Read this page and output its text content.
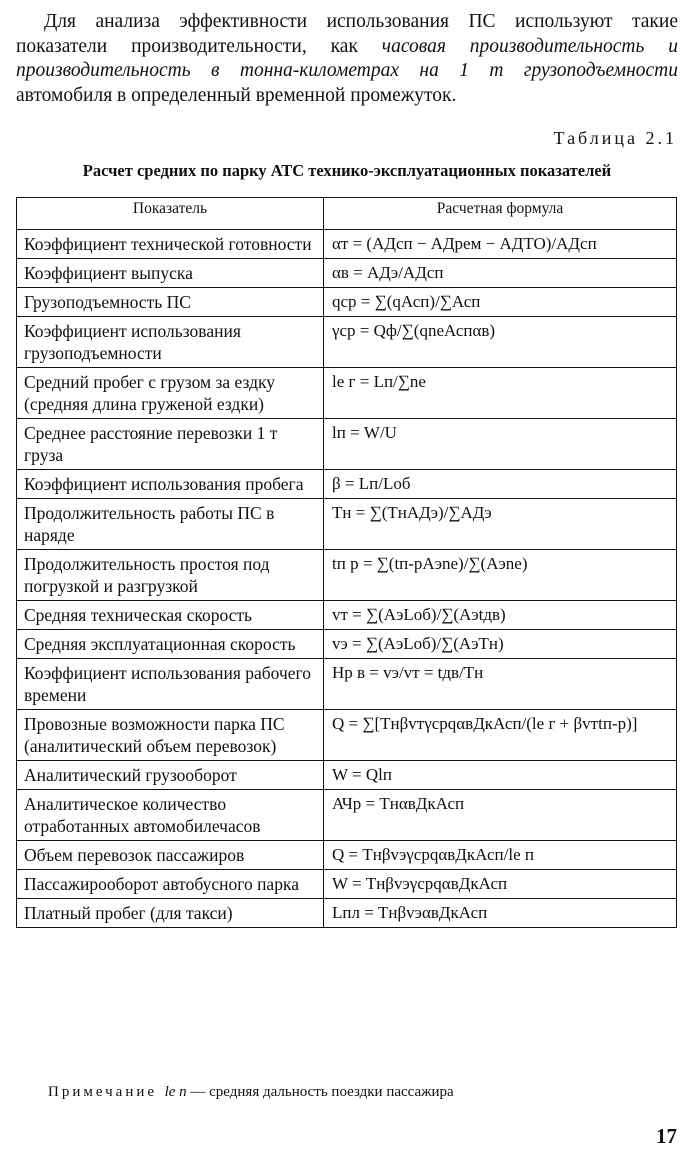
Для анализа эффективности использования ПС используют такие показатели производительности, как часовая производительность и производительность в тонна-километрах на 1 т грузоподъемности автомобиля в определенный временной промежуток.

Таблица 2.1
Расчет средних по парку АТС технико-эксплуатационных показателей
Показатель	Расчетная формула
Коэффициент технической готовности	αт = (АДсп − АДрем − АДТО)/АДсп
Коэффициент выпуска	αв = АДэ/АДсп
Грузоподъемность ПС	qср = ∑(qАсп)/∑Асп
Коэффициент использования грузоподъемности	γср = Qф/∑(qnеАспαв)
Средний пробег с грузом за ездку (средняя длина груженой ездки)	lе г = Lп/∑nе
Среднее расстояние перевозки 1 т груза	lп = W/U
Коэффициент использования пробега	β = Lп/Lоб
Продолжительность работы ПС в наряде	Тн = ∑(ТнАДэ)/∑АДэ
Продолжительность простоя под погрузкой и разгрузкой	tп р = ∑(tп-рАэnе)/∑(Аэnе)
Средняя техническая скорость	vт = ∑(АэLоб)/∑(Аэtдв)
Средняя эксплуатационная скорость	vэ = ∑(АэLоб)/∑(АэТн)
Коэффициент использования рабочего времени	Нр в = vэ/vт = tдв/Тн
Провозные возможности парка ПС (аналитический объем перевозок)	Q = ∑[ТнβvтγсрqαвДкАсп/(lе г + βvтtп-р)]
Аналитический грузооборот	W = Qlп
Аналитическое количество отработанных автомобилечасов	АЧр = ТнαвДкАсп
Объем перевозок пассажиров	Q = ТнβvэγсрqαвДкАсп/lе п
Пассажирооборот автобусного парка	W = ТнβvэγсрqαвДкАсп
Платный пробег (для такси)	Lпл = ТнβvэαвДкАсп
Примечание lе п — средняя дальность поездки пассажира
17
